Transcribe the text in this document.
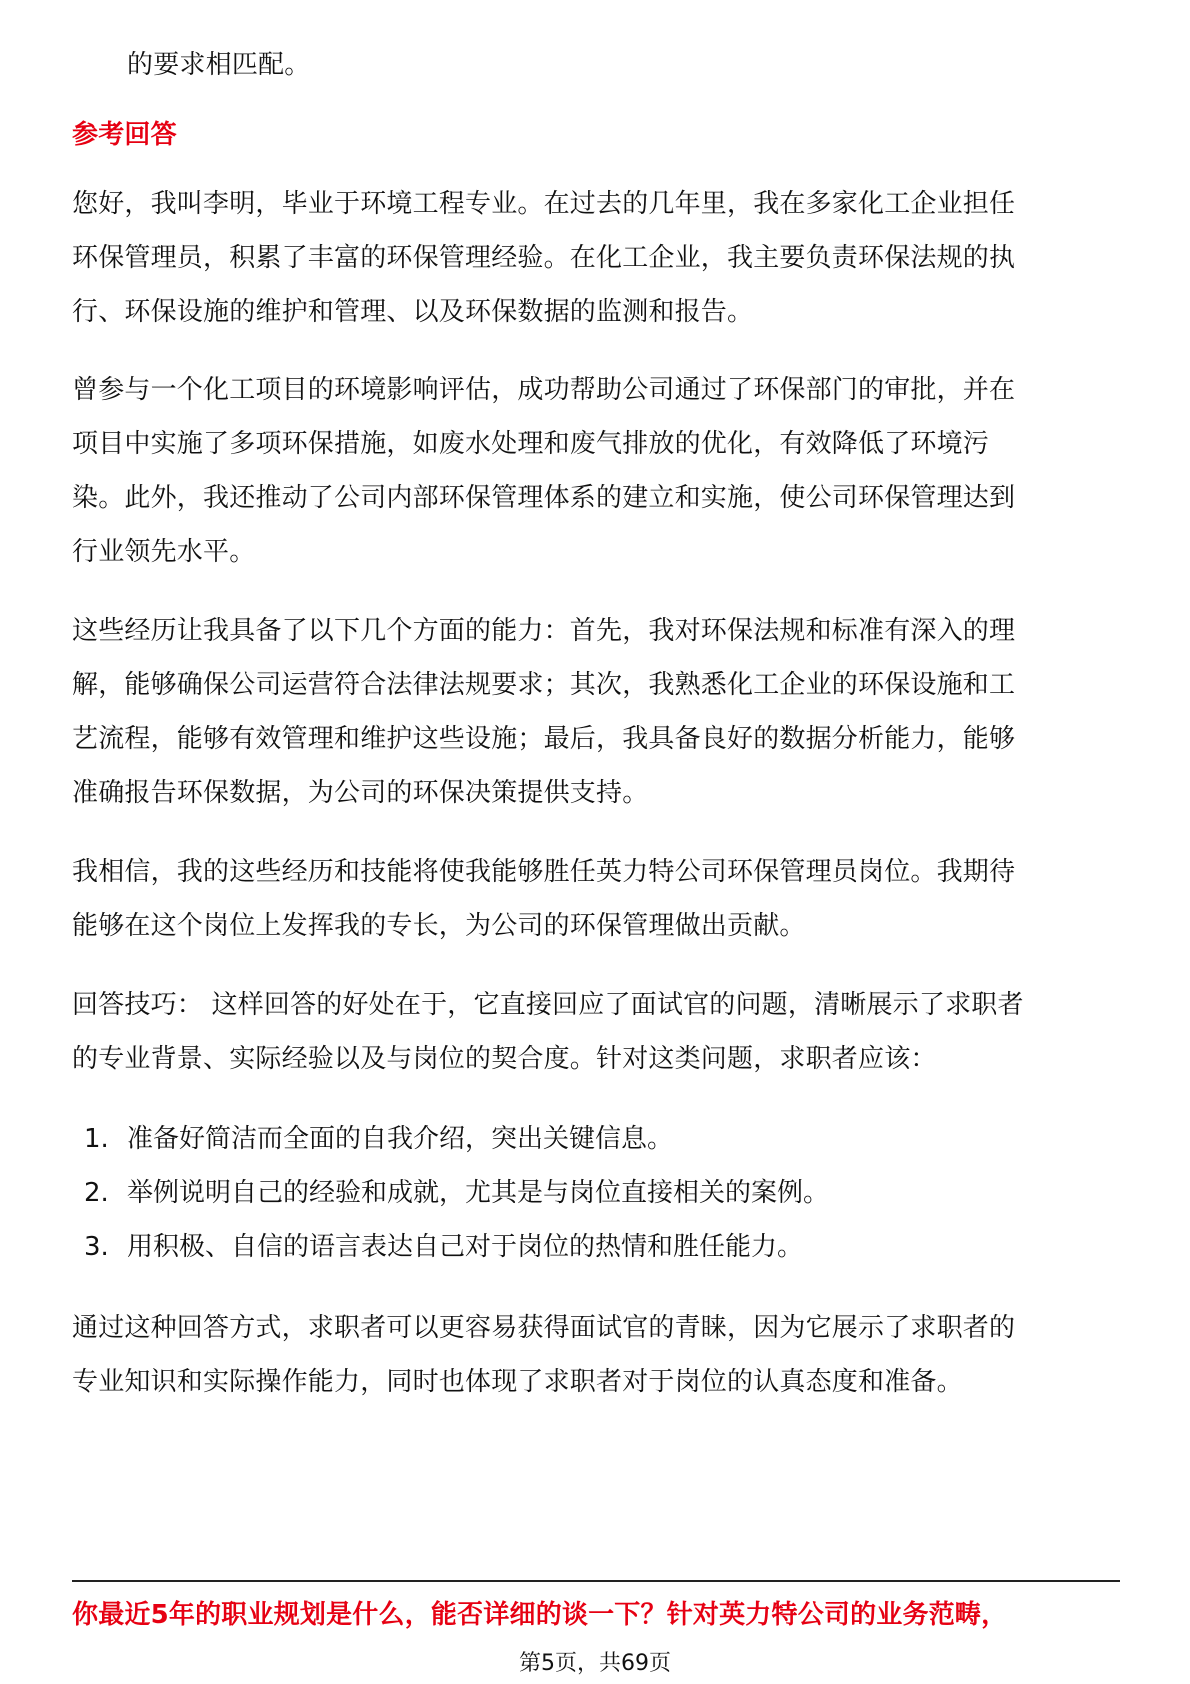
的要求相匹配。
参考回答
您好，我叫李明，毕业于环境工程专业。在过去的几年里，我在多家化工企业担任
环保管理员，积累了丰富的环保管理经验。在化工企业，我主要负责环保法规的执
行、环保设施的维护和管理、以及环保数据的监测和报告。
曾参与一个化工项目的环境影响评估，成功帮助公司通过了环保部门的审批，并在
项目中实施了多项环保措施，如废水处理和废气排放的优化，有效降低了环境污
染。此外，我还推动了公司内部环保管理体系的建立和实施，使公司环保管理达到
行业领先水平。
这些经历让我具备了以下几个方面的能力：首先，我对环保法规和标准有深入的理
解，能够确保公司运营符合法律法规要求；其次，我熟悉化工企业的环保设施和工
艺流程，能够有效管理和维护这些设施；最后，我具备良好的数据分析能力，能够
准确报告环保数据，为公司的环保决策提供支持。
我相信，我的这些经历和技能将使我能够胜任英力特公司环保管理员岗位。我期待
能够在这个岗位上发挥我的专长，为公司的环保管理做出贡献。
回答技巧： 这样回答的好处在于，它直接回应了面试官的问题，清晰展示了求职者
的专业背景、实际经验以及与岗位的契合度。针对这类问题，求职者应该：
1. 准备好简洁而全面的自我介绍，突出关键信息。
2. 举例说明自己的经验和成就，尤其是与岗位直接相关的案例。
3. 用积极、自信的语言表达自己对于岗位的热情和胜任能力。
通过这种回答方式，求职者可以更容易获得面试官的青睐，因为它展示了求职者的
专业知识和实际操作能力，同时也体现了求职者对于岗位的认真态度和准备。
你最近5年的职业规划是什么，能否详细的谈一下？针对英力特公司的业务范畴，
第5页，共69页
